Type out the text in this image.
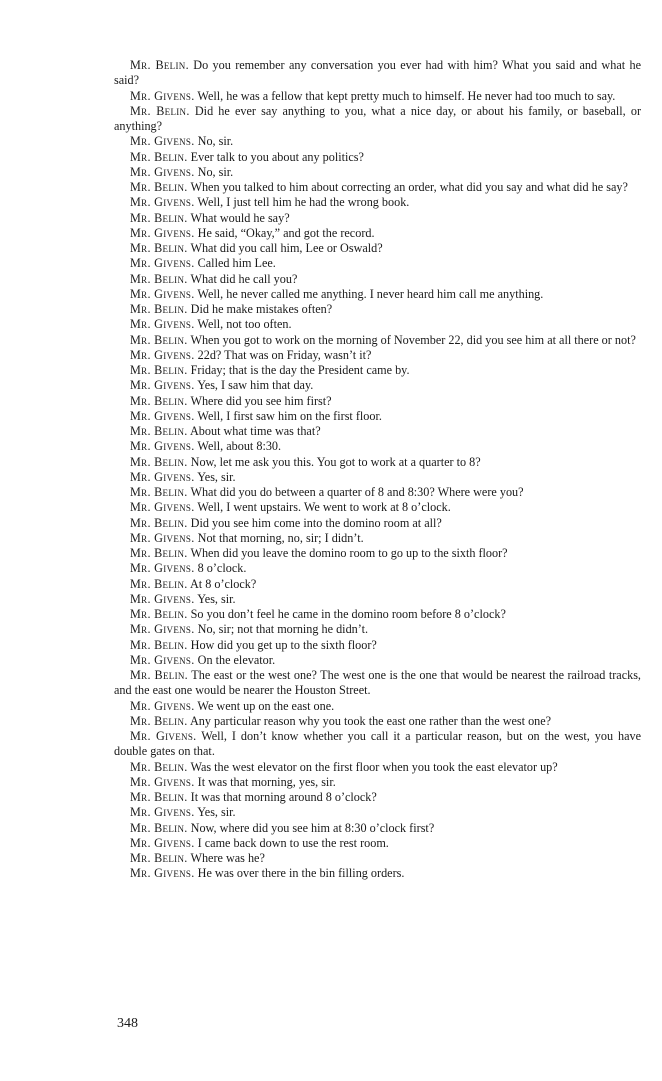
Mr. Belin. Do you remember any conversation you ever had with him? What you said and what he said?

Mr. Givens. Well, he was a fellow that kept pretty much to himself. He never had too much to say.

Mr. Belin. Did he ever say anything to you, what a nice day, or about his family, or baseball, or anything?

Mr. Givens. No, sir.

Mr. Belin. Ever talk to you about any politics?

Mr. Givens. No, sir.

Mr. Belin. When you talked to him about correcting an order, what did you say and what did he say?

Mr. Givens. Well, I just tell him he had the wrong book.

Mr. Belin. What would he say?

Mr. Givens. He said, “Okay,” and got the record.

Mr. Belin. What did you call him, Lee or Oswald?

Mr. Givens. Called him Lee.

Mr. Belin. What did he call you?

Mr. Givens. Well, he never called me anything. I never heard him call me anything.

Mr. Belin. Did he make mistakes often?

Mr. Givens. Well, not too often.

Mr. Belin. When you got to work on the morning of November 22, did you see him at all there or not?

Mr. Givens. 22d? That was on Friday, wasn’t it?

Mr. Belin. Friday; that is the day the President came by.

Mr. Givens. Yes, I saw him that day.

Mr. Belin. Where did you see him first?

Mr. Givens. Well, I first saw him on the first floor.

Mr. Belin. About what time was that?

Mr. Givens. Well, about 8:30.

Mr. Belin. Now, let me ask you this. You got to work at a quarter to 8?

Mr. Givens. Yes, sir.

Mr. Belin. What did you do between a quarter of 8 and 8:30? Where were you?

Mr. Givens. Well, I went upstairs. We went to work at 8 o’clock.

Mr. Belin. Did you see him come into the domino room at all?

Mr. Givens. Not that morning, no, sir; I didn’t.

Mr. Belin. When did you leave the domino room to go up to the sixth floor?

Mr. Givens. 8 o’clock.

Mr. Belin. At 8 o’clock?

Mr. Givens. Yes, sir.

Mr. Belin. So you don’t feel he came in the domino room before 8 o’clock?

Mr. Givens. No, sir; not that morning he didn’t.

Mr. Belin. How did you get up to the sixth floor?

Mr. Givens. On the elevator.

Mr. Belin. The east or the west one? The west one is the one that would be nearest the railroad tracks, and the east one would be nearer the Houston Street.

Mr. Givens. We went up on the east one.

Mr. Belin. Any particular reason why you took the east one rather than the west one?

Mr. Givens. Well, I don’t know whether you call it a particular reason, but on the west, you have double gates on that.

Mr. Belin. Was the west elevator on the first floor when you took the east elevator up?

Mr. Givens. It was that morning, yes, sir.

Mr. Belin. It was that morning around 8 o’clock?

Mr. Givens. Yes, sir.

Mr. Belin. Now, where did you see him at 8:30 o’clock first?

Mr. Givens. I came back down to use the rest room.

Mr. Belin. Where was he?

Mr. Givens. He was over there in the bin filling orders.

348
